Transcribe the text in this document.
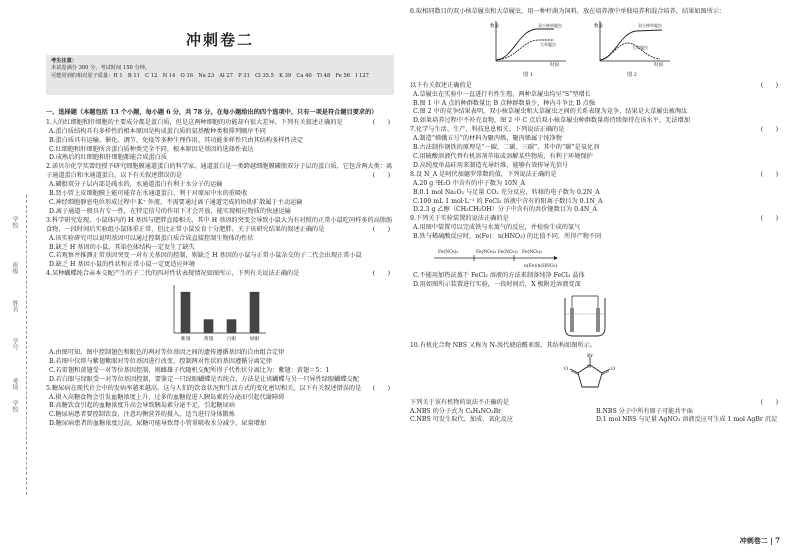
学校
班级
姓名
学号
考场
学校
冲刺卷二
考生注意：
本试卷满分 300 分，考试时间 150 分钟。
可能用到的相对原子质量：H 1　B 11　C 12　N 14　O 16　Na 23　Al 27　P 31　Cl 35.5　K 39　Ca 40　Ti 48　Fe 56　I 127

一、选择题（本题包括 13 个小题，每小题 6 分，共 78 分。在每小题给出的四个选项中，只有一项是符合题目要求的）

1.人的红细胞和肝细胞的主要成分都是蛋白质，但是这两种细胞的功能却有很大差异。下列有关叙述正确的是	(　　)

A.蛋白质结构具有多样性的根本原因是构成蛋白质的氨基酸种类和排列顺序不同

B.蛋白质具有运输、催化、调节、免疫等多种生理作用，其功能多样性只由其结构多样性决定

C.红细胞和肝细胞所含蛋白质种类完全不同，根本原因是基因的选择性表达

D.成熟后的红细胞和肝细胞都能合成蛋白质

2.诺贝尔化学奖曾经授予研究细胞膜通道蛋白的科学家。通道蛋白是一类跨越细胞膜磷脂双分子层的蛋白质，它包含两大类：离子通道蛋白和水通道蛋白。以下有关叙述错误的是	(　　)

A.磷脂双分子层内部是疏水的，水通道蛋白有利于水分子的运输

B.肾小管上皮细胞膜上能可能存在水通道蛋白，利于对原尿中水的重吸收

C.神经细胞静息电位形成过程中 K⁺ 外流，不需要通过离子通道完成的协助扩散属于主动运输

D.离子通道一般具有专一性，在特定信号的作用下才会开放，能实现相应物质的快速运输

3.科学研究发现，小鼠体内的 H 基因与肥胖直接相关，其中 H 基因的突变会导致小鼠大为有对照的正常小鼠吃同样多的高脂肪食物，一段时间后实验组小鼠体重正常，但比正常小鼠发育十分肥胖。关于该研究结果的叙述正确的是	(　　)

A.该实验研究可以说明基因可以通过控制蛋白质合成直接控制生物体的性状

B.缺乏 H 基因的小鼠，其染色体结构一定发生了缺失

C.若观察并推测正常基因突变一对有关基因的控制，则缺乏 H 基因的小鼠与正常小鼠杂交的子二代会出现正常小鼠

D.缺乏 H 基因小鼠的性状和正常小鼠一定更适应环境

4.某种蝴蝶纯合亲本交配产生的子二代的四对性状表现情况如图所示，下列有关说法正确的是	(　　)

紫翅	黄翅	白眼	绿眼

A.由图可知，图中控制翅色和眼色的两对等位基因之间的遗传遵循基因的自由组合定律

B.若图中仅将与紫翅紫眼对等位基因进行改变，控制两对性状的基因遵循分离定律

C.若雷翅和黄翅受一对等位基因控制，则雌雄子代随机交配所得子代性状分离比为：紫翅：黄翅＝5：1

D.若白眼与绿眼受一对等位基因控制，要鉴定一只绿眼蝴蝶是否纯合，方法是让该蝴蝶与另一只异性绿眼蝴蝶交配

5.糖尿病在现代社会中的发病率越来越高，这与人们的饮食状况和生活方式的变化密切相关。以下有关叙述错误的是 (　　)

A.摄入高糖食物会引发血糖浓度上升，过多的血糖促进人胰岛素的分泌而引起代谢障碍

B.高糖饮食引起的血糖浓度升高会导致胰岛素分泌不足，引起糖尿病

C.糖尿病患者要控制饮食，注意均衡营养的摄入，适当进行身体锻炼

D.糖尿病患者的血糖浓度过高，尿糖可能导致肾小管重吸收水分减少，尿量增加

6.取相同数目的双小核草履虫和大草履虫，用一种杆菌为饲料，放在培养液中单独培养和混合培养，结果如图所示：

数量
时间
双小核草履虫
大草履虫
图 1
数量
时间
双小核草履虫
大草履虫
图 2

以下有关叙述正确的是	(　　)

A.草履虫在实验中一直进行有性生殖，两种草履虫均呈“S”型增长

B.图 1 中 A 点的种群数量比 B 点种群数量少，种内斗争比 B 点强

C.图 2 中的竞争结果表明，双小核草履虫和大草履虫之间的关系表现为竞争，结果是大草履虫被淘汰

D.如果培养过程中不补充食物，图 2 中 C 点后双小核草履虫种群数量将持续保持在该水平，无法增加

7.化学与生活、生产、科技息息相关。下列说法正确的是	(　　)

A.制造“嫦娥五号”的材料为聚丙烯，聚丙烯属于纯净物

B.古法制作钢铁的原理是“一碳、二碳、三碳”，其中的“碳”是氧化剂

C.用硫酸溶液代替有机溶剂萃取或溶解某些物质，有利于环境保护

D.高纯度单晶硅用来制造光导纤维，能够有效传导光信号

8.设 N_A 是阿伏加德罗常数的值，下列说法正确的是	(　　)

A.20 g ²H₂O 中含有的中子数为 10N_A

B.0.1 mol Na₂O₂ 与足量 CO₂ 充分反应，转移的电子数为 0.2N_A

C.100 mL 1 mol·L⁻¹ 的 FeCl₃ 溶液中含有的阳离子数目为 0.1N_A

D.2.3 g 乙醇（CH₃CH₂OH）分子中含有的共价键数目为 0.4N_A

9.下列关于实验装置的说法正确的是	(　　)

A.用图中装置可以完成铁与水蒸气的反应，并检验生成的氢气

B.铁与稀硫酸反应时，n(Fe)：n(HNO₃) 的比值不同，所得产物不同

Fe(NO₃)₂	Fe(NO₃)₂ Fe(NO₃)₃ Fe(NO₃)₃
n(Fe)/n(HNO₃)

C.不能用加热法蒸干 FeCl₃ 溶液的方法来制备纯净 FeCl₃ 晶体

D.用如图所示装置进行实验，一段时间后，X 极附近溶液变深

10.有机化合物 NBS 又称为 N-溴代琥珀酰亚胺，其结构如图所示。

N
Br
O	O

下列关于该有机物的说法不正确的是	(　　)

A.NBS 的分子式为 C₄H₄NO₂Br	B.NBS 分子中所有原子可能共平面
C.NBS 可发生取代、加成、氧化反应	D.1 mol NBS 与足量 AgNO₃ 溶液反应可生成 1 mol AgBr 沉淀
冲刺卷二 | 7
